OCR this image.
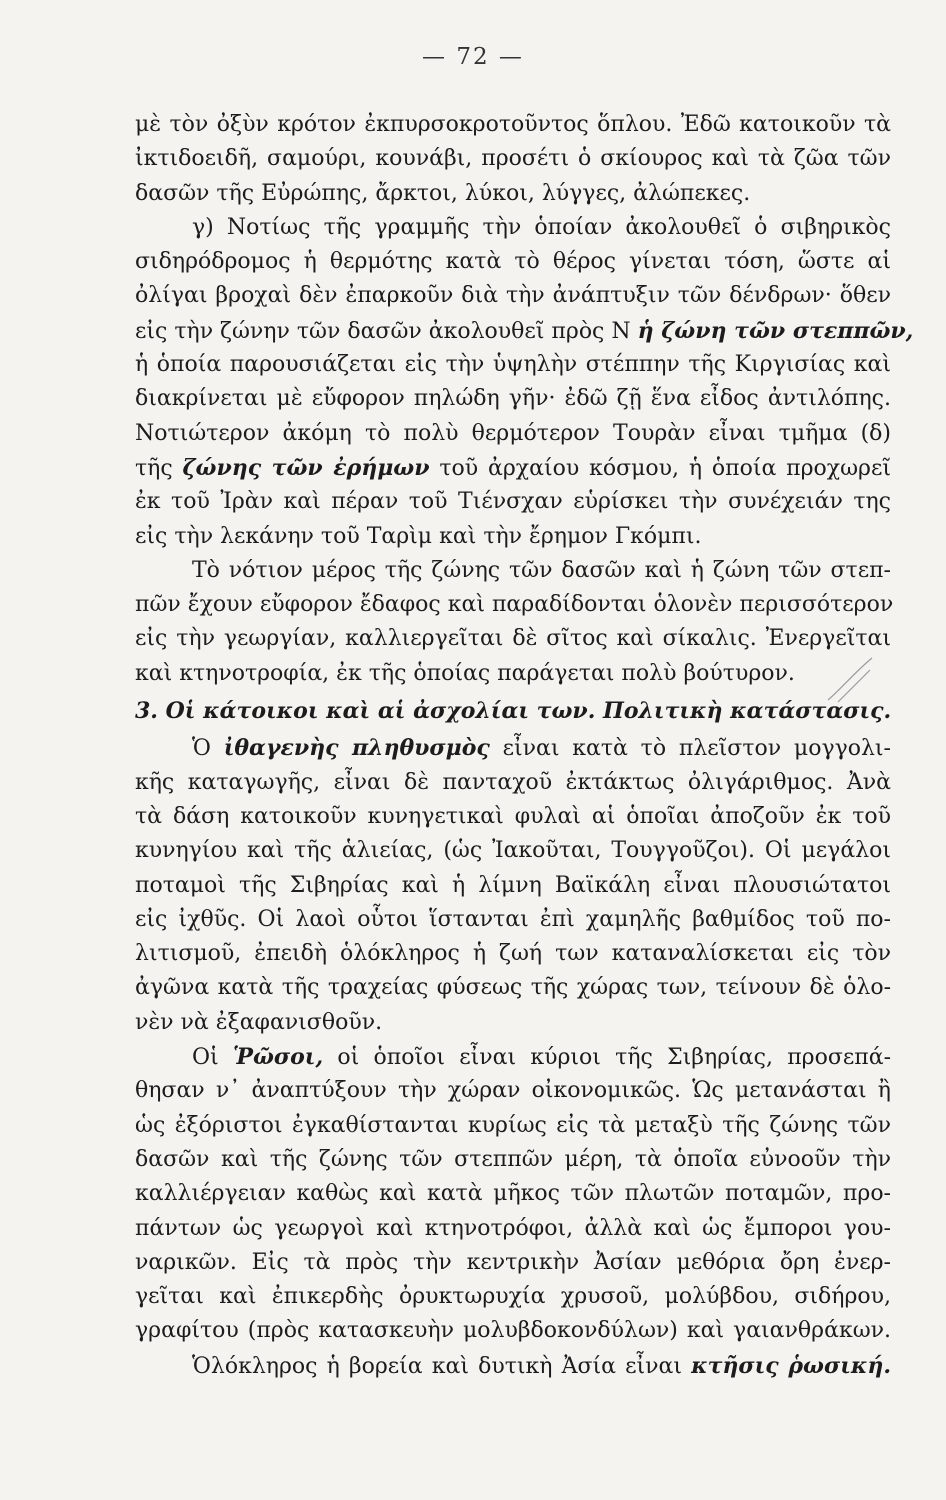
— 72 —
μὲ τὸν ὀξὺν κρότον ἐκπυρσοκροτοῦντος ὅπλου. Ἐδῶ κατοικοῦν τὰ
ἰκτιδοειδῆ, σαμούρι, κουνάβι, προσέτι ὁ σκίουρος καὶ τὰ ζῶα τῶν
δασῶν τῆς Εὐρώπης, ἄρκτοι, λύκοι, λύγγες, ἀλώπεκες.
γ) Νοτίως τῆς γραμμῆς τὴν ὁποίαν ἀκολουθεῖ ὁ σιβηρικὸς
σιδηρόδρομος ἡ θερμότης κατὰ τὸ θέρος γίνεται τόση, ὥστε αἱ
ὀλίγαι βροχαὶ δὲν ἐπαρκοῦν διὰ τὴν ἀνάπτυξιν τῶν δένδρων· ὅθεν
εἰς τὴν ζώνην τῶν δασῶν ἀκολουθεῖ πρὸς Ν ἡ ζώνη τῶν στεππῶν,
ἡ ὁποία παρουσιάζεται εἰς τὴν ὑψηλὴν στέππην τῆς Κιργισίας καὶ
διακρίνεται μὲ εὔφορον πηλώδη γῆν· ἐδῶ ζῇ ἕνα εἶδος ἀντιλόπης.
Νοτιώτερον ἀκόμη τὸ πολὺ θερμότερον Τουρὰν εἶναι τμῆμα (δ)
τῆς ζώνης τῶν ἐρήμων τοῦ ἀρχαίου κόσμου, ἡ ὁποία προχωρεῖ
ἐκ τοῦ Ἰρὰν καὶ πέραν τοῦ Τιένσχαν εὑρίσκει τὴν συνέχειάν της
εἰς τὴν λεκάνην τοῦ Ταρὶμ καὶ τὴν ἔρημον Γκόμπι.
Τὸ νότιον μέρος τῆς ζώνης τῶν δασῶν καὶ ἡ ζώνη τῶν στεπ-
πῶν ἔχουν εὔφορον ἔδαφος καὶ παραδίδονται ὁλονὲν περισσότερον
εἰς τὴν γεωργίαν, καλλιεργεῖται δὲ σῖτος καὶ σίκαλις. Ἐνεργεῖται
καὶ κτηνοτροφία, ἐκ τῆς ὁποίας παράγεται πολὺ βούτυρον.
3. Οἱ κάτοικοι καὶ αἱ ἀσχολίαι των. Πολιτικὴ κατάστασις.
Ὁ ἰθαγενὴς πληθυσμὸς εἶναι κατὰ τὸ πλεῖστον μογγολι-
κῆς καταγωγῆς, εἶναι δὲ πανταχοῦ ἐκτάκτως ὀλιγάριθμος. Ἀνὰ
τὰ δάση κατοικοῦν κυνηγετικαὶ φυλαὶ αἱ ὁποῖαι ἀποζοῦν ἐκ τοῦ
κυνηγίου καὶ τῆς ἁλιείας, (ὡς Ἰακοῦται, Τουγγοῦζοι). Οἱ μεγάλοι
ποταμοὶ τῆς Σιβηρίας καὶ ἡ λίμνη Βαϊκάλη εἶναι πλουσιώτατοι
εἰς ἰχθῦς. Οἱ λαοὶ οὗτοι ἵστανται ἐπὶ χαμηλῆς βαθμίδος τοῦ πο-
λιτισμοῦ, ἐπειδὴ ὁλόκληρος ἡ ζωή των καταναλίσκεται εἰς τὸν
ἀγῶνα κατὰ τῆς τραχείας φύσεως τῆς χώρας των, τείνουν δὲ ὁλο-
νὲν νὰ ἐξαφανισθοῦν.
Οἱ Ῥῶσοι, οἱ ὁποῖοι εἶναι κύριοι τῆς Σιβηρίας, προσεπά-
θησαν ν᾽ ἀναπτύξουν τὴν χώραν οἰκονομικῶς. Ὡς μετανάσται ἢ
ὡς ἐξόριστοι ἐγκαθίστανται κυρίως εἰς τὰ μεταξὺ τῆς ζώνης τῶν
δασῶν καὶ τῆς ζώνης τῶν στεππῶν μέρη, τὰ ὁποῖα εὐνοοῦν τὴν
καλλιέργειαν καθὼς καὶ κατὰ μῆκος τῶν πλωτῶν ποταμῶν, προ-
πάντων ὡς γεωργοὶ καὶ κτηνοτρόφοι, ἀλλὰ καὶ ὡς ἔμποροι γου-
ναρικῶν. Εἰς τὰ πρὸς τὴν κεντρικὴν Ἀσίαν μεθόρια ὄρη ἐνερ-
γεῖται καὶ ἐπικερδὴς ὀρυκτωρυχία χρυσοῦ, μολύβδου, σιδήρου,
γραφίτου (πρὸς κατασκευὴν μολυβδοκονδύλων) καὶ γαιανθράκων.
Ὁλόκληρος ἡ βορεία καὶ δυτικὴ Ἀσία εἶναι κτῆσις ῥωσική.
